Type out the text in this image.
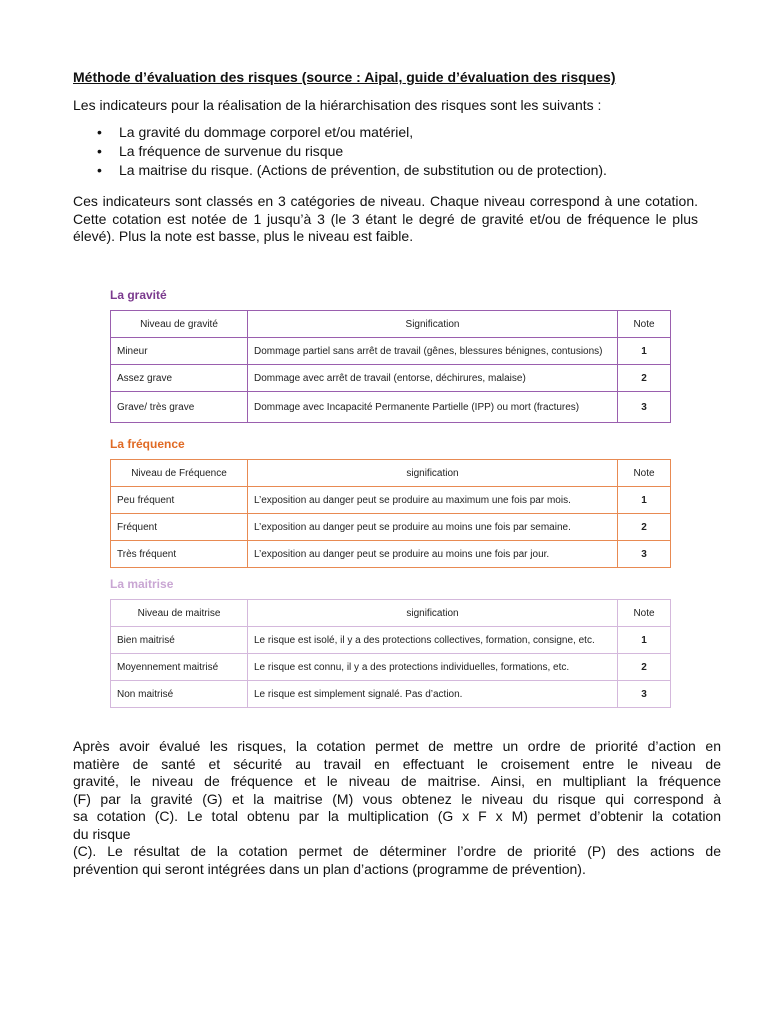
Méthode d’évaluation des risques (source : Aipal, guide d’évaluation des risques)

Les indicateurs pour la réalisation de la hiérarchisation des risques sont les suivants :

• La gravité du dommage corporel et/ou matériel,
• La fréquence de survenue du risque
• La maitrise du risque. (Actions de prévention, de substitution ou de protection).

Ces indicateurs sont classés en 3 catégories de niveau. Chaque niveau correspond à une cotation. Cette cotation est notée de 1 jusqu’à 3 (le 3 étant le degré de gravité et/ou de fréquence le plus élevé). Plus la note est basse, plus le niveau est faible.

La gravité
Niveau de gravité	Signification	Note
Mineur	Dommage partiel sans arrêt de travail (gênes, blessures bénignes, contusions)	1
Assez grave	Dommage avec arrêt de travail (entorse, déchirures, malaise)	2
Grave/ très grave	Dommage avec Incapacité Permanente Partielle (IPP) ou mort (fractures)	3
La fréquence
Niveau de Fréquence	signification	Note
Peu fréquent	L’exposition au danger peut se produire au maximum une fois par mois.	1
Fréquent	L’exposition au danger peut se produire au moins une fois par semaine.	2
Très fréquent	L’exposition au danger peut se produire au moins une fois par jour.	3
La maitrise
Niveau de maitrise	signification	Note
Bien maitrisé	Le risque est isolé, il y a des protections collectives, formation, consigne, etc.	1
Moyennement maitrisé	Le risque est connu, il y a des protections individuelles, formations, etc.	2
Non maitrisé	Le risque est simplement signalé. Pas d’action.	3
Après avoir évalué les risques, la cotation permet de mettre un ordre de priorité d’action en
matière de santé et sécurité au travail en effectuant le croisement entre le niveau de
gravité, le niveau de fréquence et le niveau de maitrise. Ainsi, en multipliant la fréquence
(F) par la gravité (G) et la maitrise (M) vous obtenez le niveau du risque qui correspond à
sa cotation (C). Le total obtenu par la multiplication (G x F x M) permet d’obtenir la cotation
du risque
(C). Le résultat de la cotation permet de déterminer l’ordre de priorité (P) des actions de
prévention qui seront intégrées dans un plan d’actions (programme de prévention).
